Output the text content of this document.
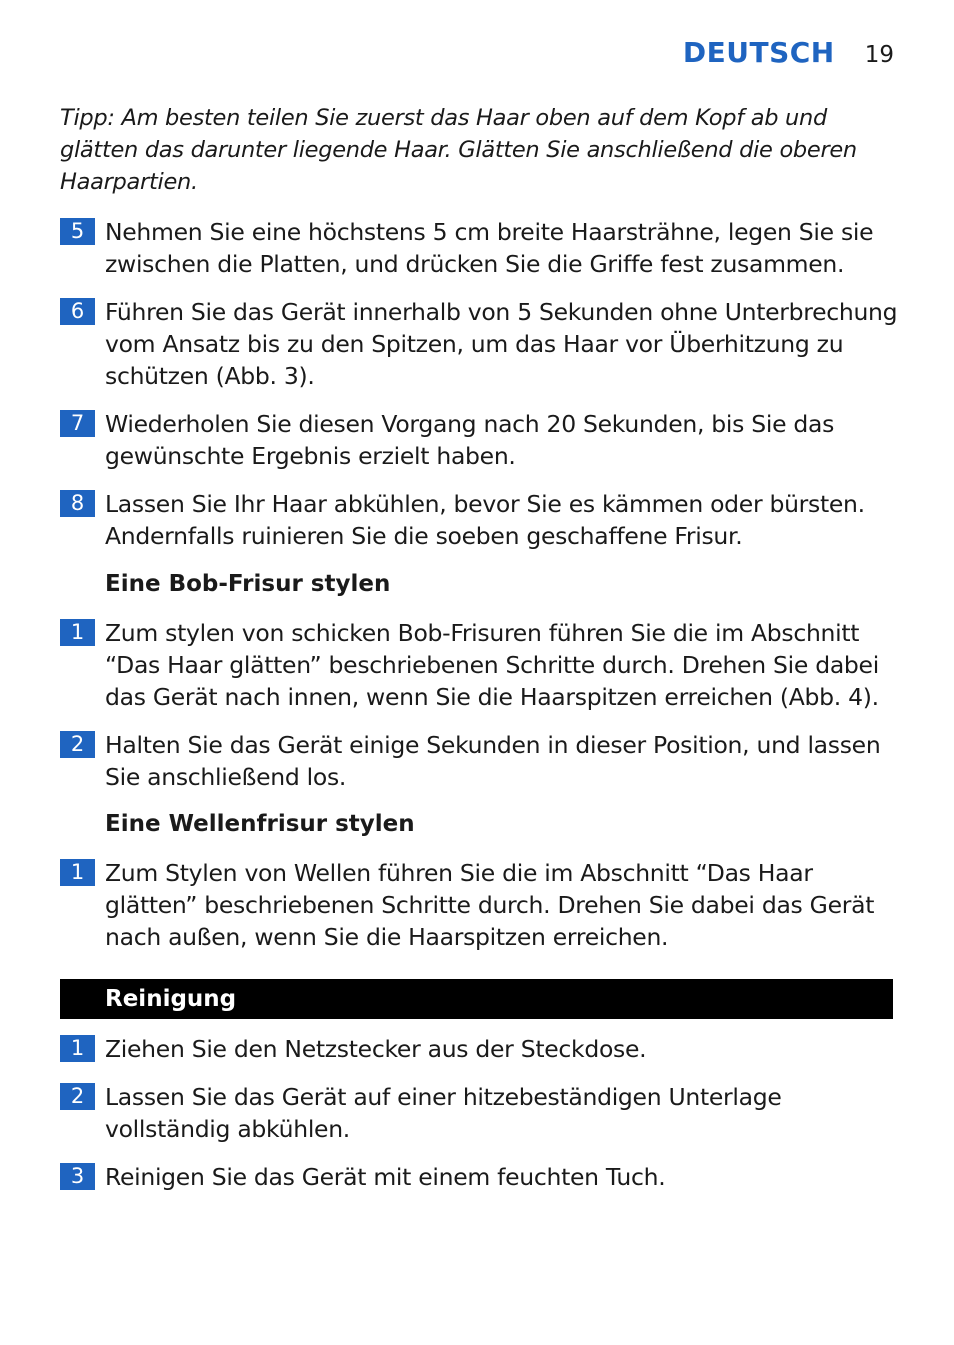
DEUTSCH 19
Tipp: Am besten teilen Sie zuerst das Haar oben auf dem Kopf ab und glätten das darunter liegende Haar. Glätten Sie anschließend die oberen Haarpartien.
5 Nehmen Sie eine höchstens 5 cm breite Haarsträhne, legen Sie sie zwischen die Platten, und drücken Sie die Griffe fest zusammen.
6 Führen Sie das Gerät innerhalb von 5 Sekunden ohne Unterbrechung vom Ansatz bis zu den Spitzen, um das Haar vor Überhitzung zu schützen (Abb. 3).
7 Wiederholen Sie diesen Vorgang nach 20 Sekunden, bis Sie das gewünschte Ergebnis erzielt haben.
8 Lassen Sie Ihr Haar abkühlen, bevor Sie es kämmen oder bürsten. Andernfalls ruinieren Sie die soeben geschaffene Frisur.
Eine Bob-Frisur stylen
1 Zum stylen von schicken Bob-Frisuren führen Sie die im Abschnitt “Das Haar glätten” beschriebenen Schritte durch. Drehen Sie dabei das Gerät nach innen, wenn Sie die Haarspitzen erreichen (Abb. 4).
2 Halten Sie das Gerät einige Sekunden in dieser Position, und lassen Sie anschließend los.
Eine Wellenfrisur stylen
1 Zum Stylen von Wellen führen Sie die im Abschnitt “Das Haar glätten” beschriebenen Schritte durch. Drehen Sie dabei das Gerät nach außen, wenn Sie die Haarspitzen erreichen.
Reinigung
1 Ziehen Sie den Netzstecker aus der Steckdose.
2 Lassen Sie das Gerät auf einer hitzebeständigen Unterlage vollständig abkühlen.
3 Reinigen Sie das Gerät mit einem feuchten Tuch.
